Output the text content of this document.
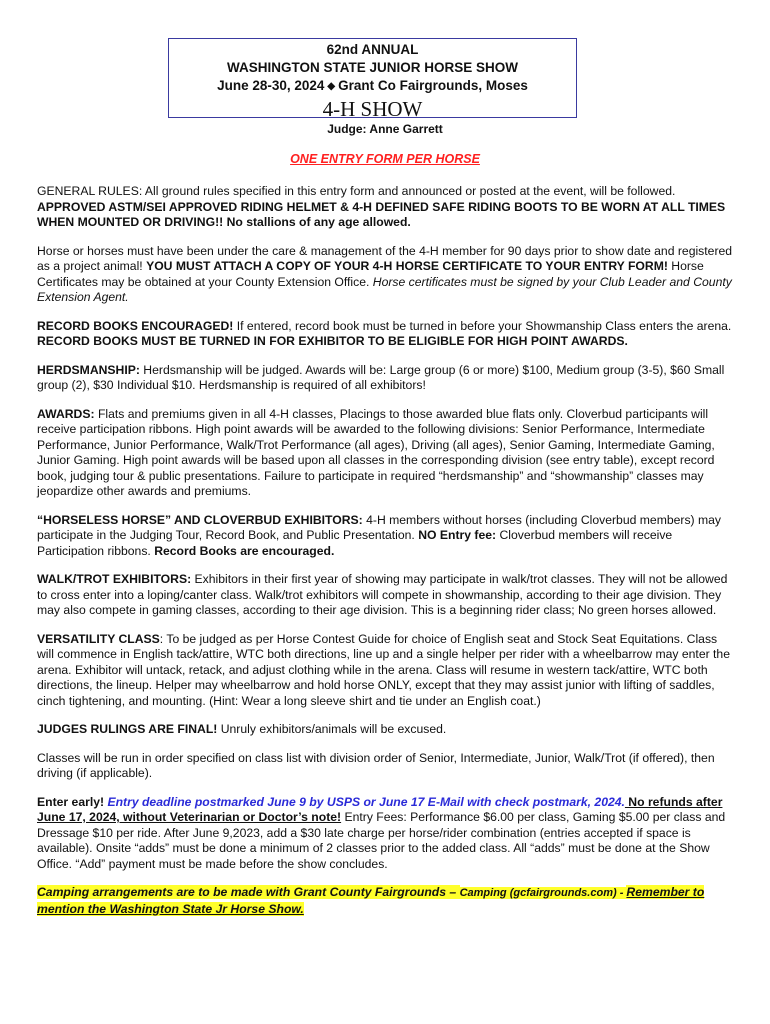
62nd ANNUAL
WASHINGTON STATE JUNIOR HORSE SHOW
June 28-30, 2024 ◆ Grant Co Fairgrounds, Moses
4-H SHOW
Judge: Anne Garrett
ONE ENTRY FORM PER HORSE

GENERAL RULES: All ground rules specified in this entry form and announced or posted at the event, will be followed. APPROVED ASTM/SEI APPROVED RIDING HELMET & 4-H DEFINED SAFE RIDING BOOTS TO BE WORN AT ALL TIMES WHEN MOUNTED OR DRIVING!! No stallions of any age allowed.

Horse or horses must have been under the care & management of the 4-H member for 90 days prior to show date and registered as a project animal! YOU MUST ATTACH A COPY OF YOUR 4-H HORSE CERTIFICATE TO YOUR ENTRY FORM! Horse Certificates may be obtained at your County Extension Office. Horse certificates must be signed by your Club Leader and County Extension Agent.

RECORD BOOKS ENCOURAGED! If entered, record book must be turned in before your Showmanship Class enters the arena. RECORD BOOKS MUST BE TURNED IN FOR EXHIBITOR TO BE ELIGIBLE FOR HIGH POINT AWARDS.

HERDSMANSHIP: Herdsmanship will be judged. Awards will be: Large group (6 or more) $100, Medium group (3-5), $60 Small group (2), $30 Individual $10. Herdsmanship is required of all exhibitors!

AWARDS: Flats and premiums given in all 4-H classes, Placings to those awarded blue flats only. Cloverbud participants will receive participation ribbons. High point awards will be awarded to the following divisions: Senior Performance, Intermediate Performance, Junior Performance, Walk/Trot Performance (all ages), Driving (all ages), Senior Gaming, Intermediate Gaming, Junior Gaming. High point awards will be based upon all classes in the corresponding division (see entry table), except record book, judging tour & public presentations. Failure to participate in required “herdsmanship” and “showmanship” classes may jeopardize other awards and premiums.

“HORSELESS HORSE” AND CLOVERBUD EXHIBITORS: 4-H members without horses (including Cloverbud members) may participate in the Judging Tour, Record Book, and Public Presentation. NO Entry fee: Cloverbud members will receive Participation ribbons. Record Books are encouraged.

WALK/TROT EXHIBITORS: Exhibitors in their first year of showing may participate in walk/trot classes. They will not be allowed to cross enter into a loping/canter class. Walk/trot exhibitors will compete in showmanship, according to their age division. They may also compete in gaming classes, according to their age division. This is a beginning rider class; No green horses allowed.

VERSATILITY CLASS: To be judged as per Horse Contest Guide for choice of English seat and Stock Seat Equitations. Class will commence in English tack/attire, WTC both directions, line up and a single helper per rider with a wheelbarrow may enter the arena. Exhibitor will untack, retack, and adjust clothing while in the arena. Class will resume in western tack/attire, WTC both directions, the lineup. Helper may wheelbarrow and hold horse ONLY, except that they may assist junior with lifting of saddles, cinch tightening, and mounting. (Hint: Wear a long sleeve shirt and tie under an English coat.)

JUDGES RULINGS ARE FINAL! Unruly exhibitors/animals will be excused.

Classes will be run in order specified on class list with division order of Senior, Intermediate, Junior, Walk/Trot (if offered), then driving (if applicable).

Enter early! Entry deadline postmarked June 9 by USPS or June 17 E-Mail with check postmark, 2024. No refunds after June 17, 2024, without Veterinarian or Doctor’s note! Entry Fees: Performance $6.00 per class, Gaming $5.00 per class and Dressage $10 per ride. After June 9,2023, add a $30 late charge per horse/rider combination (entries accepted if space is available). Onsite “adds” must be done a minimum of 2 classes prior to the added class. All “adds” must be done at the Show Office. “Add” payment must be made before the show concludes.

Camping arrangements are to be made with Grant County Fairgrounds – Camping (gcfairgrounds.com) - Remember to mention the Washington State Jr Horse Show.
